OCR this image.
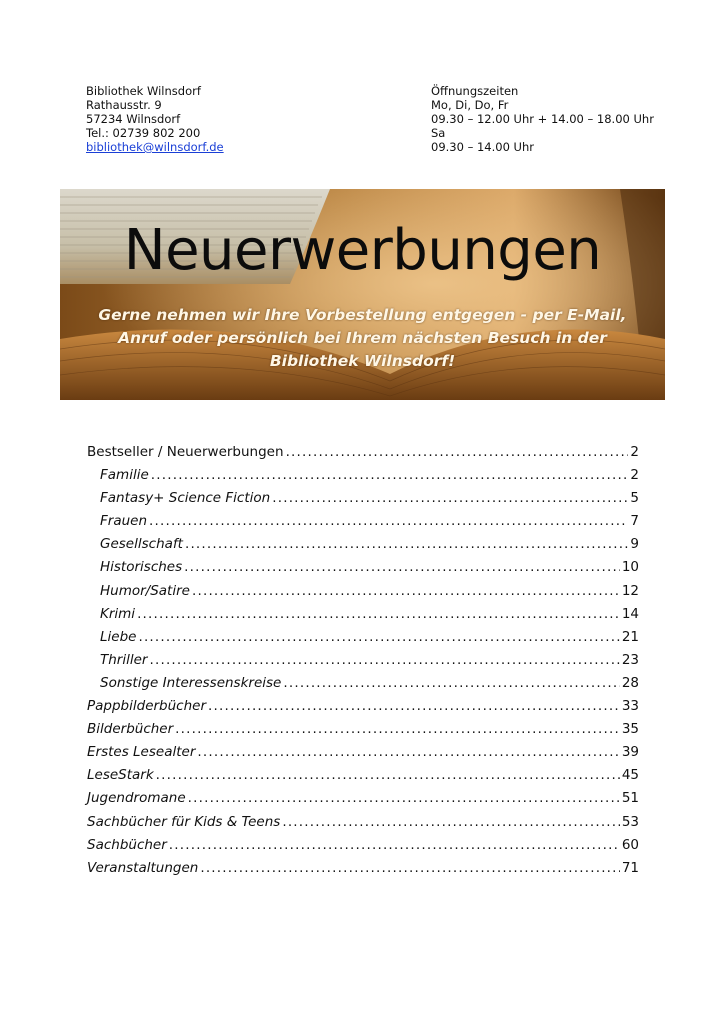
Bibliothek Wilnsdorf
Rathausstr. 9
57234 Wilnsdorf
Tel.: 02739 802 200
bibliothek@wilnsdorf.de
Öffnungszeiten
Mo, Di, Do, Fr
09.30 – 12.00 Uhr + 14.00 – 18.00 Uhr
Sa
09.30 – 14.00 Uhr
Neuerwerbungen
Gerne nehmen wir Ihre Vorbestellung entgegen - per E-Mail, Anruf oder persönlich bei Ihrem nächsten Besuch in der Bibliothek Wilnsdorf!
Bestseller / Neuerwerbungen .....	2
Familie .....	2
Fantasy+ Science Fiction .....	5
Frauen .....	7
Gesellschaft .....	9
Historisches .....	10
Humor/Satire .....	12
Krimi .....	14
Liebe .....	21
Thriller .....	23
Sonstige Interessenskreise .....	28
Pappbilderbücher .....	33
Bilderbücher .....	35
Erstes Lesealter .....	39
LeseStark .....	45
Jugendromane .....	51
Sachbücher für Kids & Teens .....	53
Sachbücher .....	60
Veranstaltungen .....	71
